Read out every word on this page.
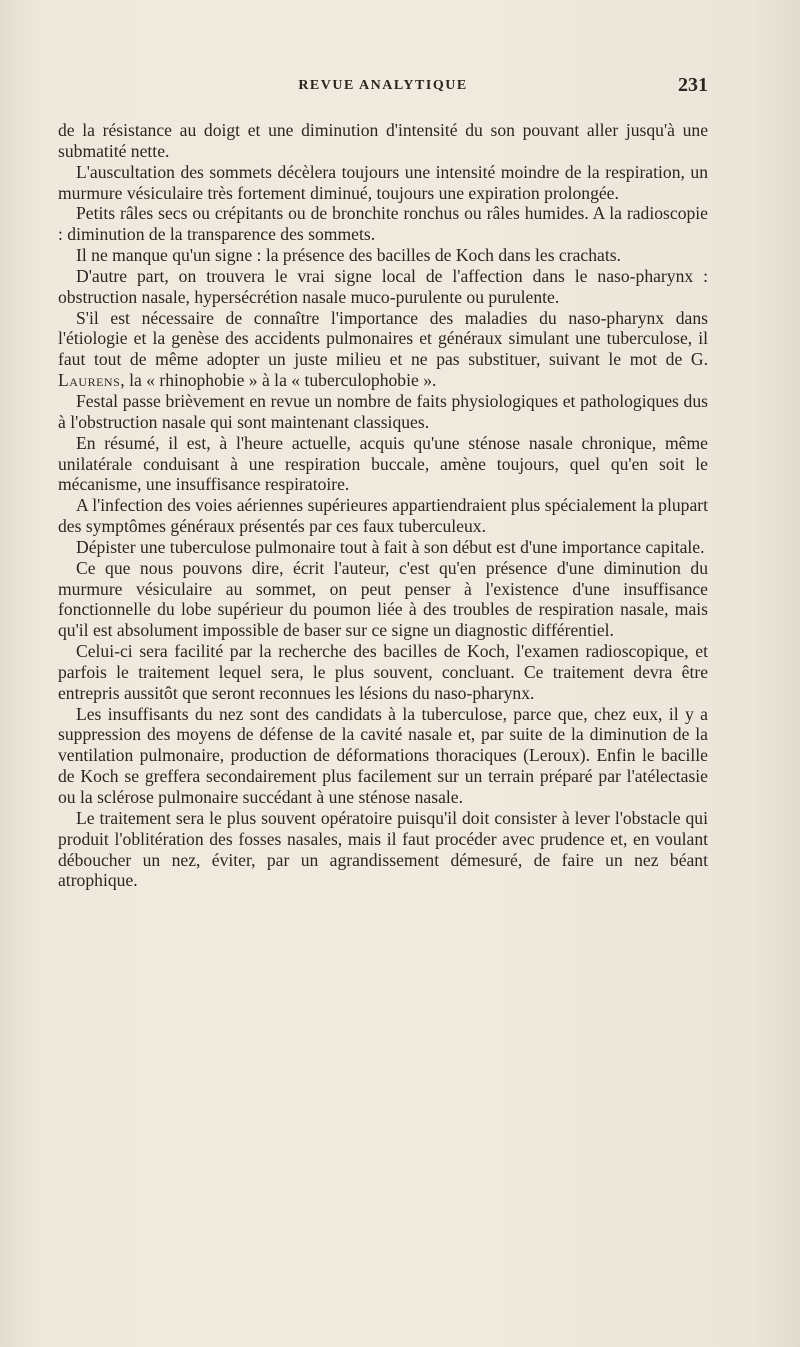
REVUE ANALYTIQUE	231

de la résistance au doigt et une diminution d'intensité du son pouvant aller jusqu'à une submatité nette.

L'auscultation des sommets décèlera toujours une intensité moindre de la respiration, un murmure vésiculaire très fortement diminué, toujours une expiration prolongée.

Petits râles secs ou crépitants ou de bronchite ronchus ou râles humides. A la radioscopie : diminution de la transparence des sommets.

Il ne manque qu'un signe : la présence des bacilles de Koch dans les crachats.

D'autre part, on trouvera le vrai signe local de l'affection dans le naso-pharynx : obstruction nasale, hypersécrétion nasale muco-purulente ou purulente.

S'il est nécessaire de connaître l'importance des maladies du naso-pharynx dans l'étiologie et la genèse des accidents pulmonaires et généraux simulant une tuberculose, il faut tout de même adopter un juste milieu et ne pas substituer, suivant le mot de G. Laurens, la « rhinophobie » à la « tuberculophobie ».

Festal passe brièvement en revue un nombre de faits physiologiques et pathologiques dus à l'obstruction nasale qui sont maintenant classiques.

En résumé, il est, à l'heure actuelle, acquis qu'une sténose nasale chronique, même unilatérale conduisant à une respiration buccale, amène toujours, quel qu'en soit le mécanisme, une insuffisance respiratoire.

A l'infection des voies aériennes supérieures appartiendraient plus spécialement la plupart des symptômes généraux présentés par ces faux tuberculeux.

Dépister une tuberculose pulmonaire tout à fait à son début est d'une importance capitale.

Ce que nous pouvons dire, écrit l'auteur, c'est qu'en présence d'une diminution du murmure vésiculaire au sommet, on peut penser à l'existence d'une insuffisance fonctionnelle du lobe supérieur du poumon liée à des troubles de respiration nasale, mais qu'il est absolument impossible de baser sur ce signe un diagnostic différentiel.

Celui-ci sera facilité par la recherche des bacilles de Koch, l'examen radioscopique, et parfois le traitement lequel sera, le plus souvent, concluant. Ce traitement devra être entrepris aussitôt que seront reconnues les lésions du naso-pharynx.

Les insuffisants du nez sont des candidats à la tuberculose, parce que, chez eux, il y a suppression des moyens de défense de la cavité nasale et, par suite de la diminution de la ventilation pulmonaire, production de déformations thoraciques (Leroux). Enfin le bacille de Koch se greffera secondairement plus facilement sur un terrain préparé par l'atélectasie ou la sclérose pulmonaire succédant à une sténose nasale.

Le traitement sera le plus souvent opératoire puisqu'il doit consister à lever l'obstacle qui produit l'oblitération des fosses nasales, mais il faut procéder avec prudence et, en voulant déboucher un nez, éviter, par un agrandissement démesuré, de faire un nez béant atrophique.
